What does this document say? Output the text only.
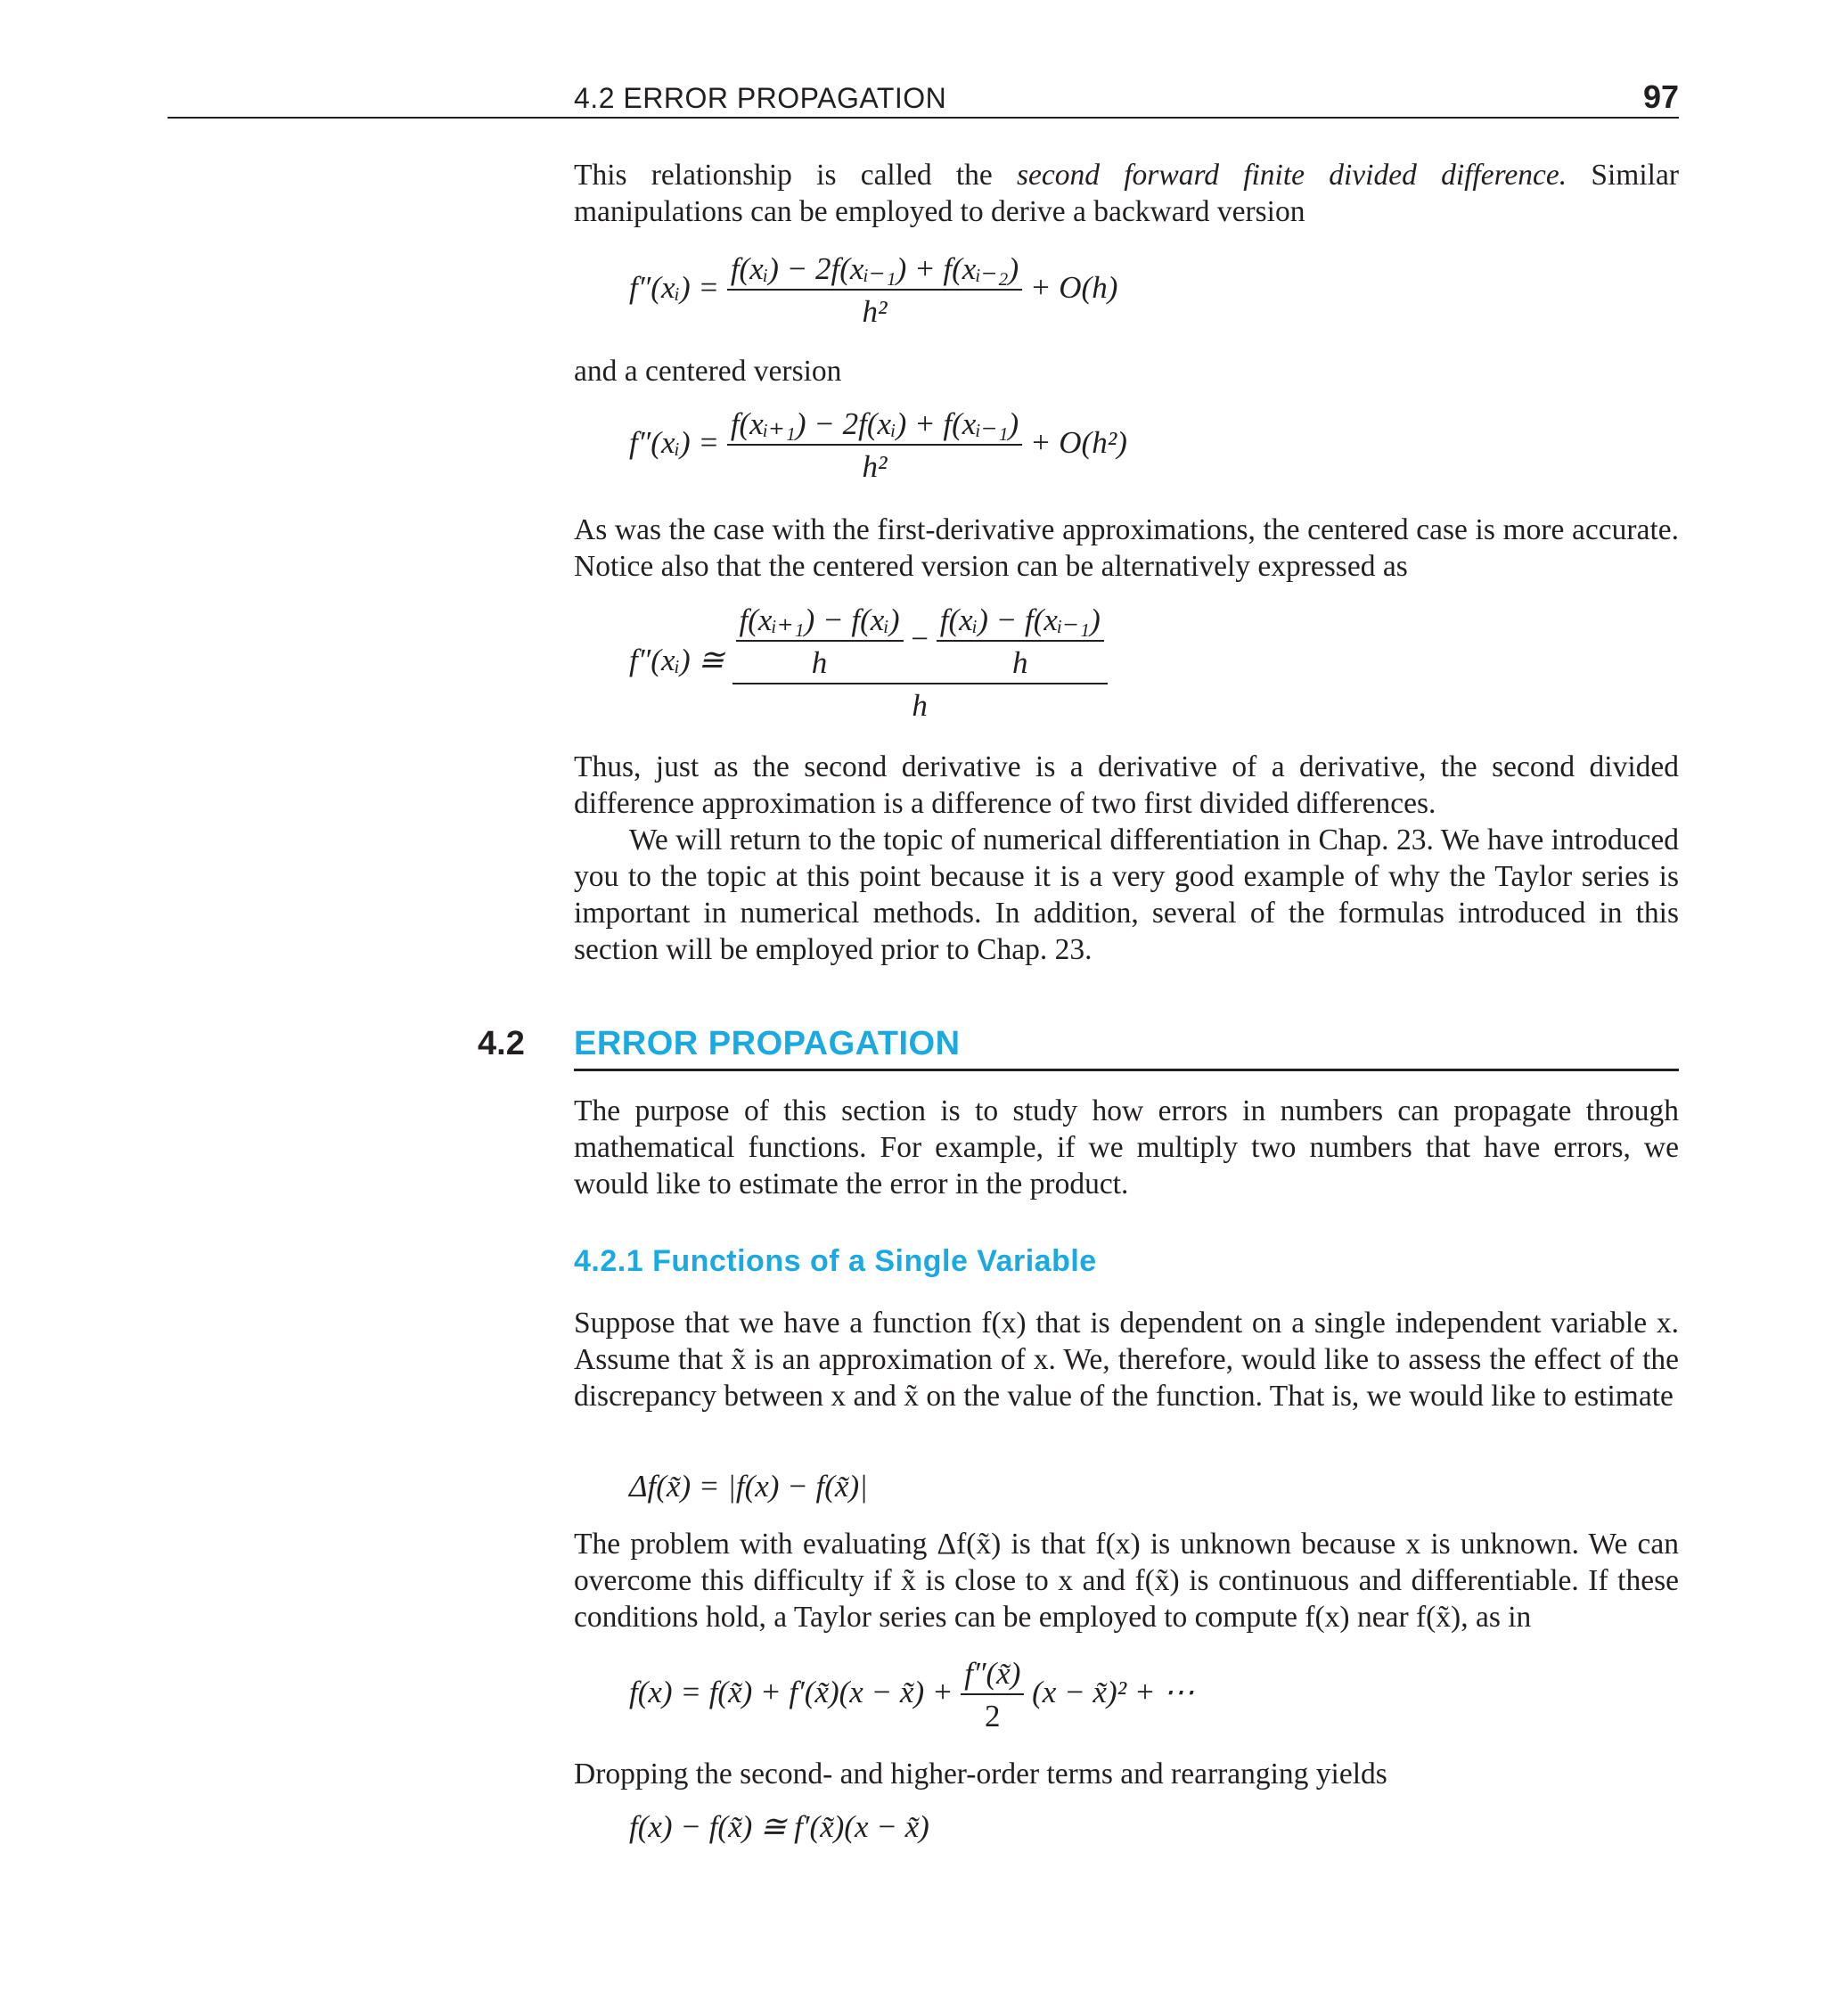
4.2 ERROR PROPAGATION	97

This relationship is called the second forward finite divided difference. Similar manipulations can be employed to derive a backward version

f″(xᵢ) = $\frac{\text{f(xᵢ) − 2f(xᵢ₋₁) + f(xᵢ₋₂)}}{\text{h²}} + O(h)$

and a centered version

f″(xᵢ) = $\frac{\text{f(xᵢ₊₁) − 2f(xᵢ) + f(xᵢ₋₁)}}{\text{h²}} + O(h^2)$

As was the case with the first-derivative approximations, the centered case is more accurate. Notice also that the centered version can be alternatively expressed as

f″(xᵢ) ≅ $\frac{\text{f(xᵢ₊₁) − f(xᵢ)}}{h} - \frac{\text{f(xᵢ) − f(xᵢ₋₁)}}{h}$
h

Thus, just as the second derivative is a derivative of a derivative, the second divided difference approximation is a difference of two first divided differences.

We will return to the topic of numerical differentiation in Chap. 23. We have introduced you to the topic at this point because it is a very good example of why the Taylor series is important in numerical methods. In addition, several of the formulas introduced in this section will be employed prior to Chap. 23.

4.2 ERROR PROPAGATION

The purpose of this section is to study how errors in numbers can propagate through mathematical functions. For example, if we multiply two numbers that have errors, we would like to estimate the error in the product.

4.2.1 Functions of a Single Variable

Suppose that we have a function f(x) that is dependent on a single independent variable x. Assume that x̃ is an approximation of x. We, therefore, would like to assess the effect of the discrepancy between x and x̃ on the value of the function. That is, we would like to estimate

Δf(x̃) = |f(x) − f(x̃)|

The problem with evaluating Δf(x̃) is that f(x) is unknown because x is unknown. We can overcome this difficulty if x̃ is close to x and f(x̃) is continuous and differentiable. If these conditions hold, a Taylor series can be employed to compute f(x) near f(x̃), as in

f(x) = f(x̃) + f′(x̃)(x − x̃) + $\frac{f''(x̃)}{2} (x$ − x̃)² + ⋯

Dropping the second- and higher-order terms and rearranging yields

f(x) − f(x̃) ≅ f′(x̃)(x − x̃)
